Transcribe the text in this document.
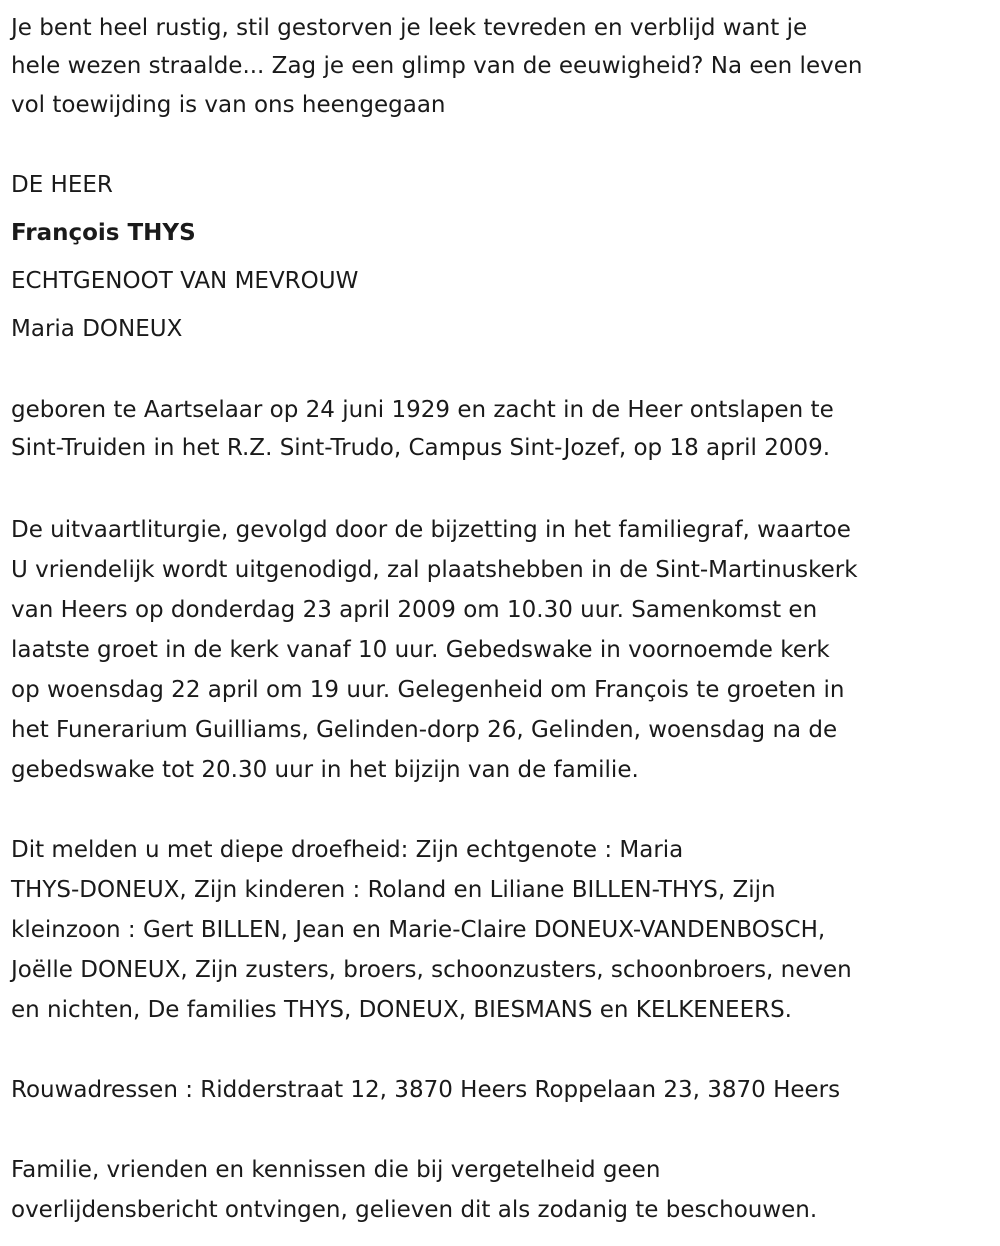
Je bent heel rustig, stil gestorven je leek tevreden en verblijd want je
hele wezen straalde... Zag je een glimp van de eeuwigheid? Na een leven
vol toewijding is van ons heengegaan
DE HEER
François THYS
ECHTGENOOT VAN MEVROUW
Maria DONEUX
geboren te Aartselaar op 24 juni 1929 en zacht in de Heer ontslapen te
Sint-Truiden in het R.Z. Sint-Trudo, Campus Sint-Jozef, op 18 april 2009.
De uitvaartliturgie, gevolgd door de bijzetting in het familiegraf, waartoe
U vriendelijk wordt uitgenodigd, zal plaatshebben in de Sint-Martinuskerk
van Heers op donderdag 23 april 2009 om 10.30 uur. Samenkomst en
laatste groet in de kerk vanaf 10 uur. Gebedswake in voornoemde kerk
op woensdag 22 april om 19 uur. Gelegenheid om François te groeten in
het Funerarium Guilliams, Gelinden-dorp 26, Gelinden, woensdag na de
gebedswake tot 20.30 uur in het bijzijn van de familie.
Dit melden u met diepe droefheid: Zijn echtgenote : Maria
THYS-DONEUX, Zijn kinderen : Roland en Liliane BILLEN-THYS, Zijn
kleinzoon : Gert BILLEN, Jean en Marie-Claire DONEUX-VANDENBOSCH,
Joëlle DONEUX, Zijn zusters, broers, schoonzusters, schoonbroers, neven
en nichten, De families THYS, DONEUX, BIESMANS en KELKENEERS.
Rouwadressen : Ridderstraat 12, 3870 Heers Roppelaan 23, 3870 Heers
Familie, vrienden en kennissen die bij vergetelheid geen
overlijdensbericht ontvingen, gelieven dit als zodanig te beschouwen.
